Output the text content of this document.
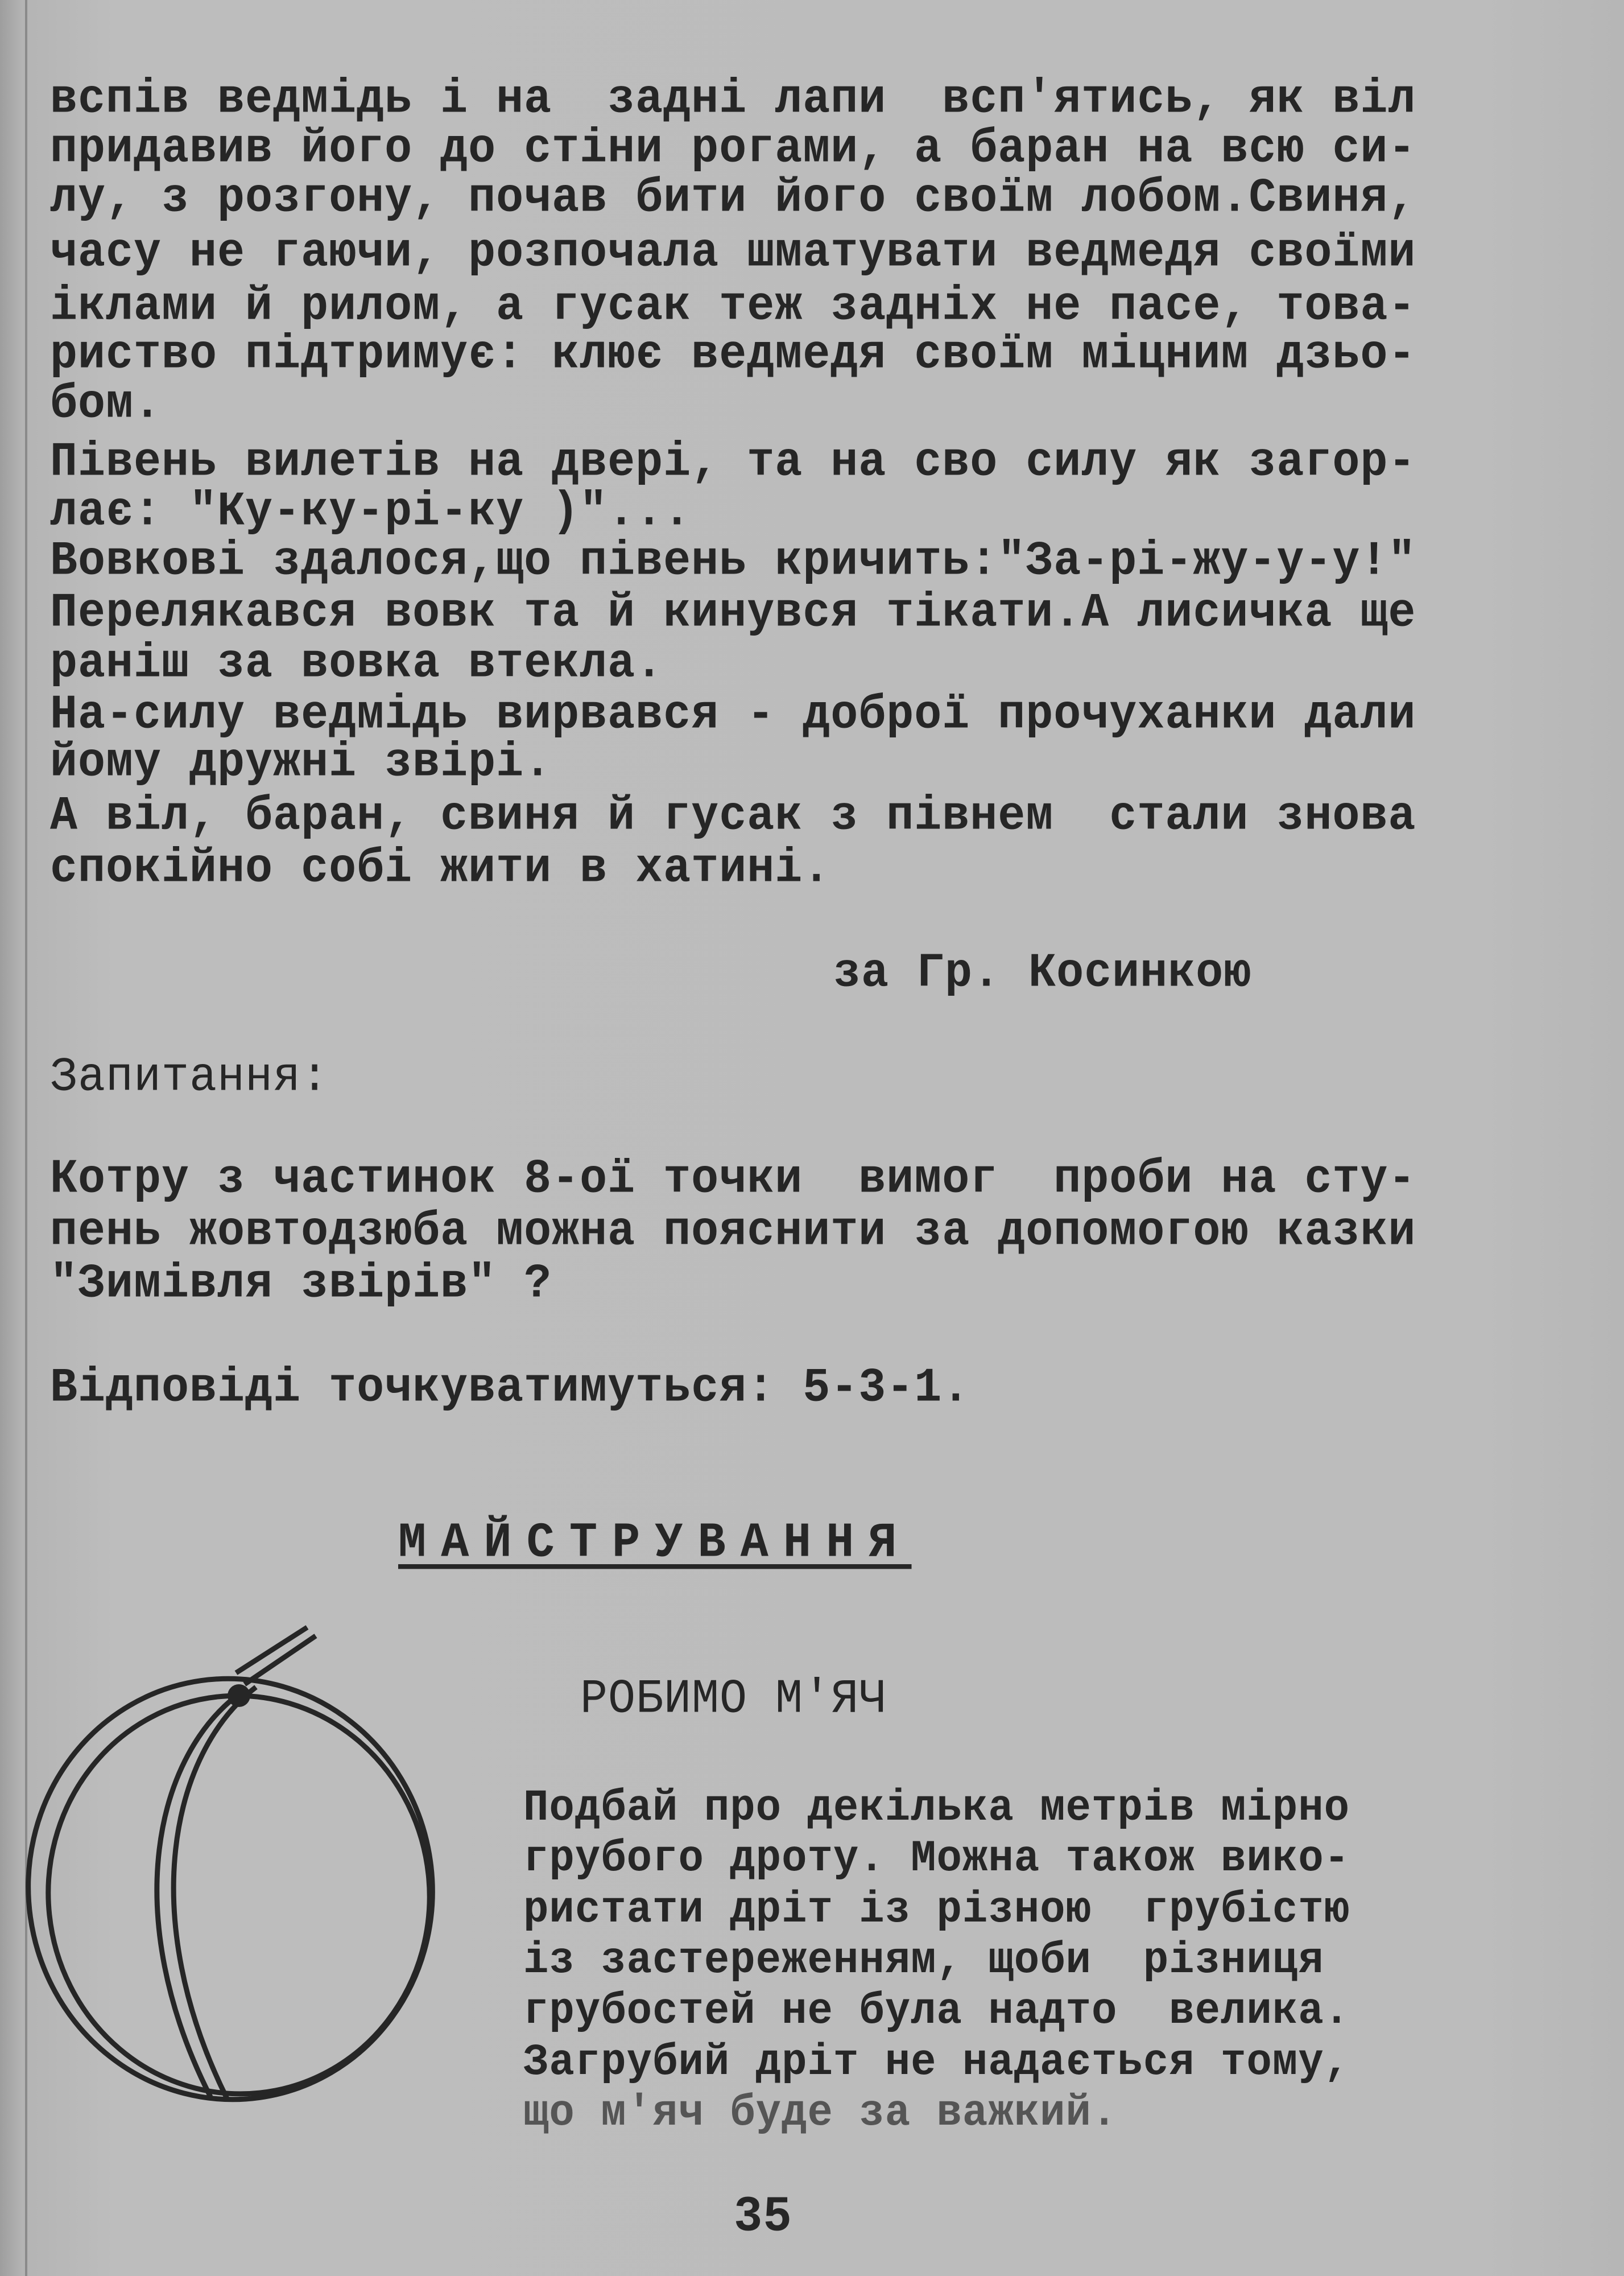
вспів ведмідь і на  задні лапи  всп'ятись, як віл
придавив його до стіни рогами, а баран на всю си-
лу, з розгону, почав бити його своїм лобом.Свиня,
часу не гаючи, розпочала шматувати ведмедя своїми
іклами й рилом, а гусак теж задніх не пасе, това-
риство підтримує: клює ведмедя своїм міцним дзьо-
бом.
Півень вилетів на двері, та на сво силу як загор-
лає: "Ку-ку-рі-ку )"...
Вовкові здалося,що півень кричить:"За-рі-жу-у-у!"
Перелякався вовк та й кинувся тікати.А лисичка ще
раніш за вовка втекла.
На-силу ведмідь вирвався - доброї прочуханки дали
йому дружні звірі.
А віл, баран, свиня й гусак з півнем  стали знова
спокійно собі жити в хатині.
за Гр. Косинкою
Запитання:
Котру з частинок 8-ої точки  вимог  проби на сту-
пень жовтодзюба можна пояснити за допомогою казки
"Зимівля звірів" ?
Відповіді точкуватимуться: 5-3-1.
МАЙСТРУВАННЯ
РОБИМО М'ЯЧ
Подбай про декілька метрів мірно
грубого дроту. Можна також вико-
ристати дріт із різною  грубістю
із застереженням, щоби  різниця
грубостей не була надто  велика.
Загрубий дріт не надається тому,
що м'яч буде за важкий.
35
